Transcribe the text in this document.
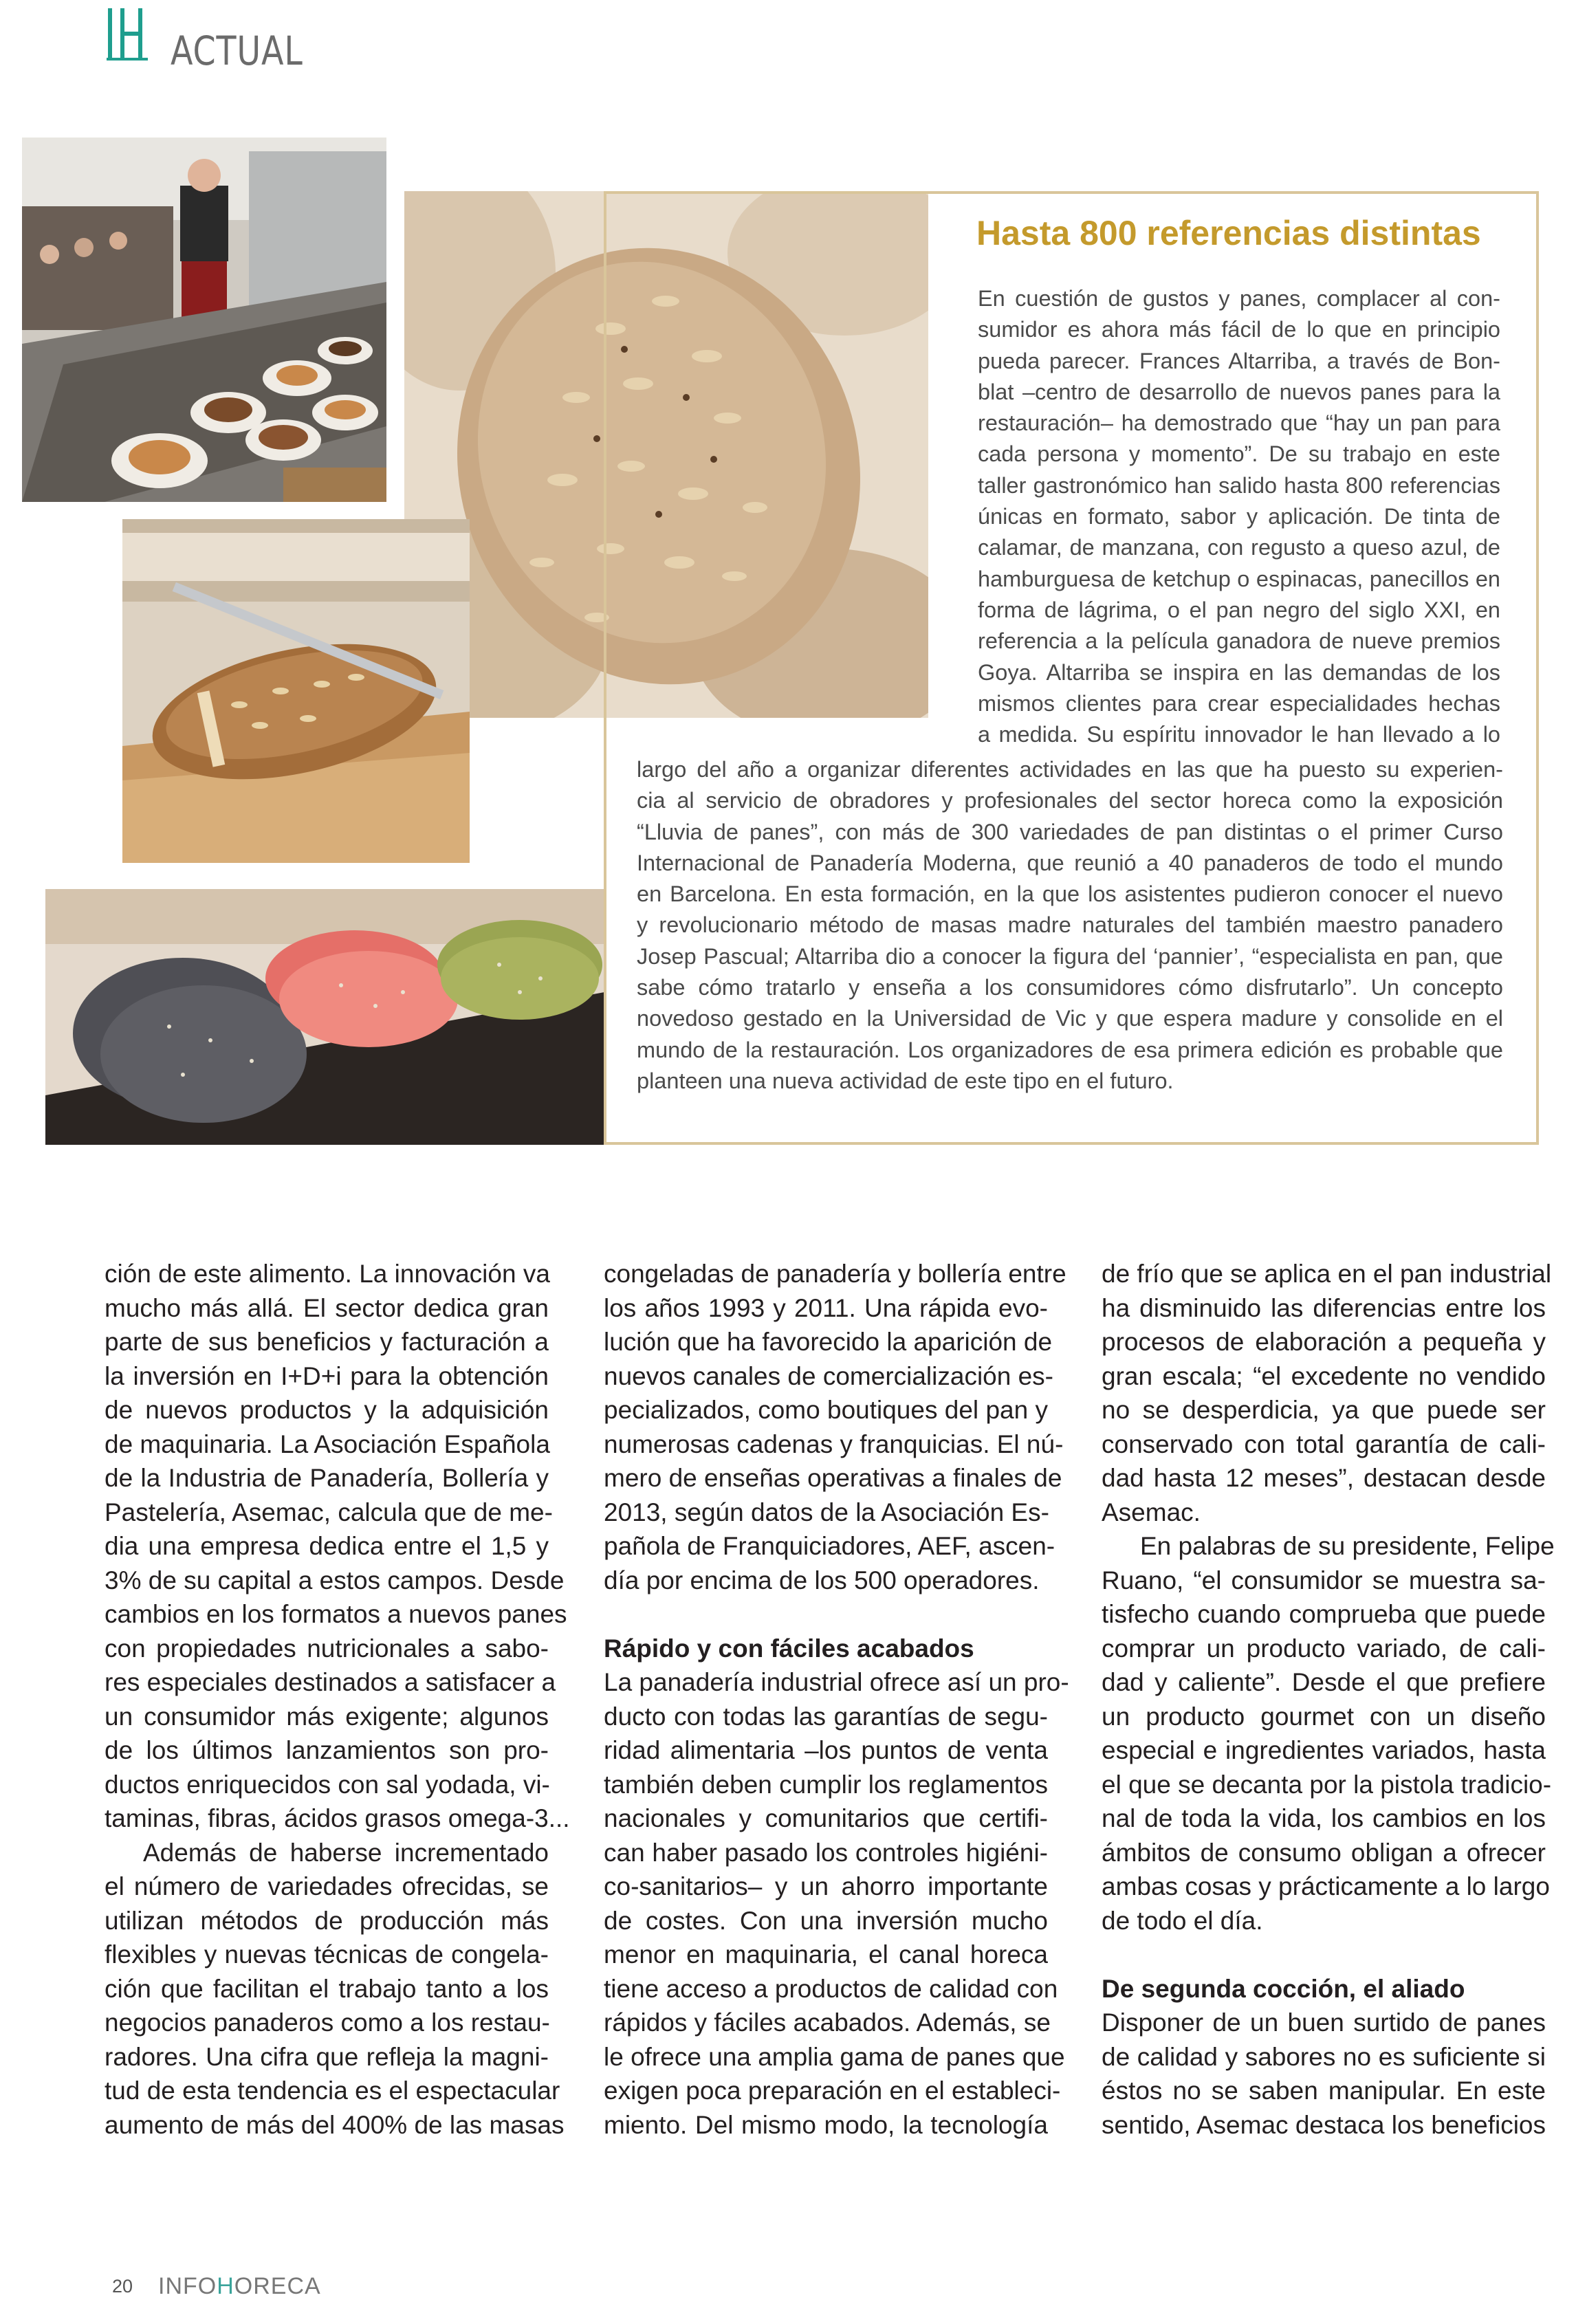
ACTUAL
Hasta 800 referencias distintas
En cuestión de gustos y panes, complacer al con-
sumidor es ahora más fácil de lo que en principio
pueda parecer. Frances Altarriba, a través de Bon-
blat –centro de desarrollo de nuevos panes para la
restauración– ha demostrado que “hay un pan para
cada persona y momento”. De su trabajo en este
taller gastronómico han salido hasta 800 referencias
únicas en formato, sabor y aplicación. De tinta de
calamar, de manzana, con regusto a queso azul, de
hamburguesa de ketchup o espinacas, panecillos en
forma de lágrima, o el pan negro del siglo XXI, en
referencia a la película ganadora de nueve premios
Goya. Altarriba se inspira en las demandas de los
mismos clientes para crear especialidades hechas
a medida. Su espíritu innovador le han llevado a lo
largo del año a organizar diferentes actividades en las que ha puesto su experien-
cia al servicio de obradores y profesionales del sector horeca como la exposición
“Lluvia de panes”, con más de 300 variedades de pan distintas o el primer Curso
Internacional de Panadería Moderna, que reunió a 40 panaderos de todo el mundo
en Barcelona. En esta formación, en la que los asistentes pudieron conocer el nuevo
y revolucionario método de masas madre naturales del también maestro panadero
Josep Pascual; Altarriba dio a conocer la figura del ‘pannier’, “especialista en pan, que
sabe cómo tratarlo y enseña a los consumidores cómo disfrutarlo”. Un concepto
novedoso gestado en la Universidad de Vic y que espera madure y consolide en el
mundo de la restauración. Los organizadores de esa primera edición es probable que
planteen una nueva actividad de este tipo en el futuro.
ción de este alimento. La innovación va
mucho más allá. El sector dedica gran
parte de sus beneficios y facturación a
la inversión en I+D+i para la obtención
de nuevos productos y la adquisición
de maquinaria. La Asociación Española
de la Industria de Panadería, Bollería y
Pastelería, Asemac, calcula que de me-
dia una empresa dedica entre el 1,5 y
3% de su capital a estos campos. Desde
cambios en los formatos a nuevos panes
con propiedades nutricionales a sabo-
res especiales destinados a satisfacer a
un consumidor más exigente; algunos
de los últimos lanzamientos son pro-
ductos enriquecidos con sal yodada, vi-
taminas, fibras, ácidos grasos omega-3...
Además de haberse incrementado
el número de variedades ofrecidas, se
utilizan métodos de producción más
flexibles y nuevas técnicas de congela-
ción que facilitan el trabajo tanto a los
negocios panaderos como a los restau-
radores. Una cifra que refleja la magni-
tud de esta tendencia es el espectacular
aumento de más del 400% de las masas
congeladas de panadería y bollería entre
los años 1993 y 2011. Una rápida evo-
lución que ha favorecido la aparición de
nuevos canales de comercialización es-
pecializados, como boutiques del pan y
numerosas cadenas y franquicias. El nú-
mero de enseñas operativas a finales de
2013, según datos de la Asociación Es-
pañola de Franquiciadores, AEF, ascen-
día por encima de los 500 operadores.
Rápido y con fáciles acabados
La panadería industrial ofrece así un pro-
ducto con todas las garantías de segu-
ridad alimentaria –los puntos de venta
también deben cumplir los reglamentos
nacionales y comunitarios que certifi-
can haber pasado los controles higiéni-
co-sanitarios– y un ahorro importante
de costes. Con una inversión mucho
menor en maquinaria, el canal horeca
tiene acceso a productos de calidad con
rápidos y fáciles acabados. Además, se
le ofrece una amplia gama de panes que
exigen poca preparación en el estableci-
miento. Del mismo modo, la tecnología
de frío que se aplica en el pan industrial
ha disminuido las diferencias entre los
procesos de elaboración a pequeña y
gran escala; “el excedente no vendido
no se desperdicia, ya que puede ser
conservado con total garantía de cali-
dad hasta 12 meses”, destacan desde
Asemac.
En palabras de su presidente, Felipe
Ruano, “el consumidor se muestra sa-
tisfecho cuando comprueba que puede
comprar un producto variado, de cali-
dad y caliente”. Desde el que prefiere
un producto gourmet con un diseño
especial e ingredientes variados, hasta
el que se decanta por la pistola tradicio-
nal de toda la vida, los cambios en los
ámbitos de consumo obligan a ofrecer
ambas cosas y prácticamente a lo largo
de todo el día.
De segunda cocción, el aliado
Disponer de un buen surtido de panes
de calidad y sabores no es suficiente si
éstos no se saben manipular. En este
sentido, Asemac destaca los beneficios
20 INFOHORECA
